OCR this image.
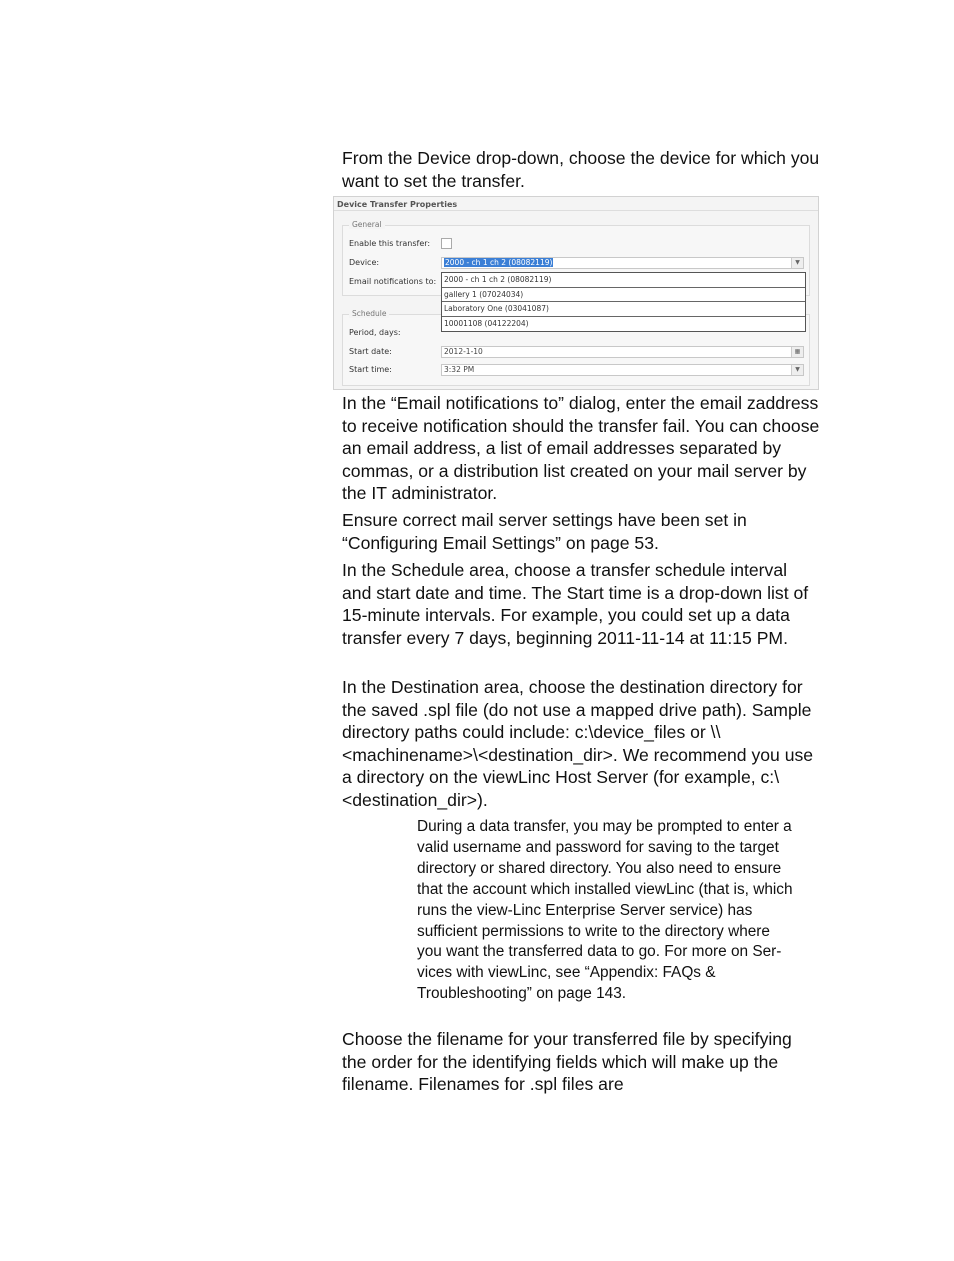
From the Device drop-down, choose the device for which you want to set the transfer.

Device Transfer Properties
General
Schedule
Enable this transfer:
Device:	2000 - ch 1 ch 2 (08082119)	▼
Email notifications to:
Period, days:
Start date:	2012-1-10	▦
Start time:	3:32 PM	▼
2000 - ch 1 ch 2 (08082119)
gallery 1 (07024034)
Laboratory One (03041087)
10001108 (04122204)

In the “Email notifications to” dialog, enter the email zaddress to receive notification should the transfer fail. You can choose an email address, a list of email addresses separated by commas, or a distribution list created on your mail server by the IT administrator.

Ensure correct mail server settings have been set in “Configuring Email Settings” on page 53.

In the Schedule area, choose a transfer schedule interval and start date and time. The Start time is a drop-down list of 15-minute intervals. For example, you could set up a data transfer every 7 days, beginning 2011-11-14 at 11:15 PM.

In the Destination area, choose the destination directory for the saved .spl file (do not use a mapped drive path). Sample directory paths could include: c:\device_files or \\<machinename>\<destination_dir>. We recommend you use a directory on the viewLinc Host Server (for example, c:\<destination_dir>).

During a data transfer, you may be prompted to enter a valid username and password for saving to the target directory or shared directory. You also need to ensure that the account which installed viewLinc (that is, which runs the view-Linc Enterprise Server service) has sufficient permissions to write to the directory where you want the transferred data to go. For more on Ser-vices with viewLinc, see “Appendix: FAQs & Troubleshooting” on page 143.

Choose the filename for your transferred file by specifying the order for the identifying fields which will make up the filename. Filenames for .spl files are
